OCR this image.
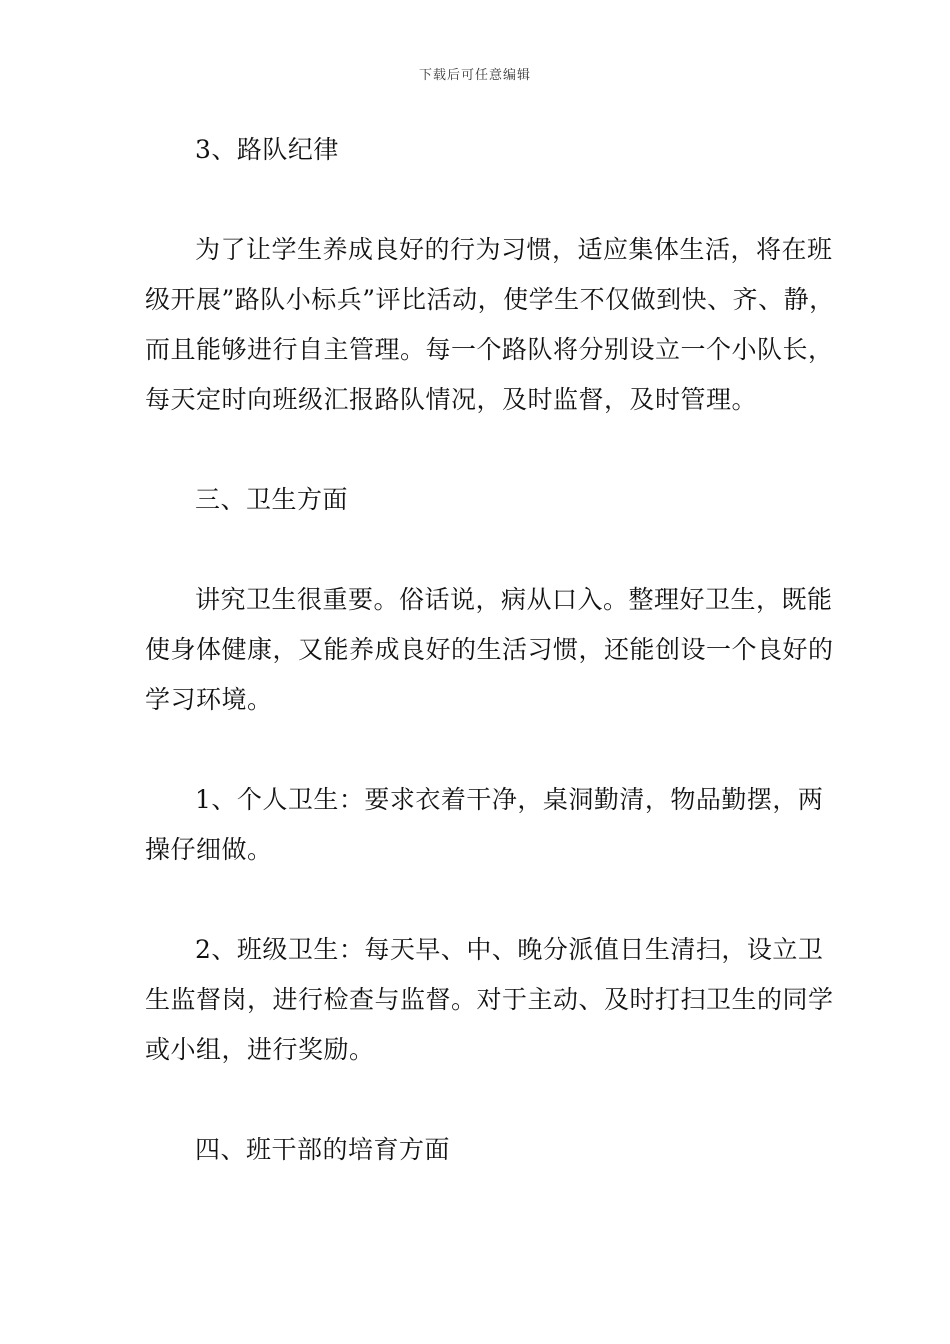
下载后可任意编辑

3、路队纪律

为了让学生养成良好的行为习惯，适应集体生活，将在班级开展”路队小标兵”评比活动，使学生不仅做到快、齐、静，而且能够进行自主管理。每一个路队将分别设立一个小队长，每天定时向班级汇报路队情况，及时监督，及时管理。

三、卫生方面

讲究卫生很重要。俗话说，病从口入。整理好卫生，既能使身体健康，又能养成良好的生活习惯，还能创设一个良好的学习环境。

1、个人卫生：要求衣着干净，桌洞勤清，物品勤摆，两操仔细做。

2、班级卫生：每天早、中、晚分派值日生清扫，设立卫生监督岗，进行检查与监督。对于主动、及时打扫卫生的同学或小组，进行奖励。

四、班干部的培育方面
